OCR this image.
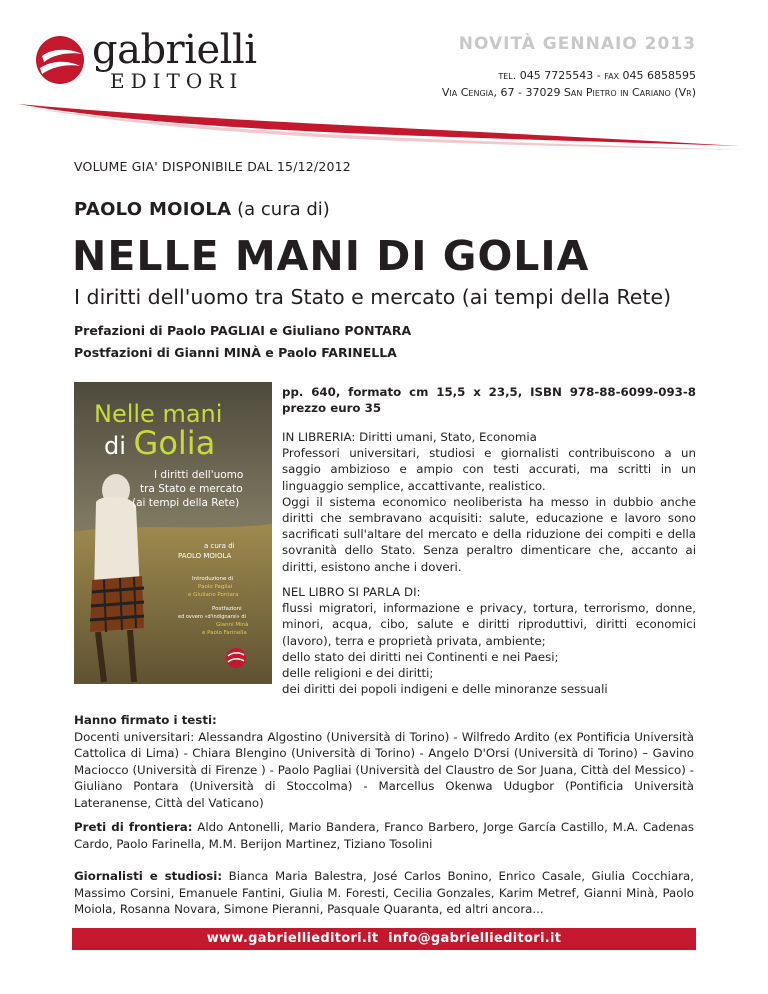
gabrielli
EDITORI
NOVITÀ GENNAIO 2013
tel. 045 7725543 - fax 045 6858595
Via Cengia, 67 - 37029 San Pietro in Cariano (Vr)
VOLUME GIA' DISPONIBILE DAL 15/12/2012
PAOLO MOIOLA (a cura di)
NELLE MANI DI GOLIA
I diritti dell'uomo tra Stato e mercato (ai tempi della Rete)
Prefazioni di Paolo PAGLIAI e Giuliano PONTARA
Postfazioni di Gianni MINÀ e Paolo FARINELLA
Nelle mani
di Golia
I diritti dell'uomo
tra Stato e mercato
(ai tempi della Rete)
a cura di
PAOLO MOIOLA
Introduzione di
Paolo Pagliai
e Giuliano Pontara
Postfazioni
ed ovvero «d'indignarsi» di
Gianni Minà
e Paolo Farinella
pp. 640, formato cm 15,5 x 23,5, ISBN 978-88-6099-093-8 prezzo euro 35
IN LIBRERIA: Diritti umani, Stato, Economia
Professori universitari, studiosi e giornalisti contribuiscono a un saggio ambizioso e ampio con testi accurati, ma scritti in un linguaggio semplice, accattivante, realistico.
Oggi il sistema economico neoliberista ha messo in dubbio anche diritti che sembravano acquisiti: salute, educazione e lavoro sono sacrificati sull'altare del mercato e della riduzione dei compiti e della sovranità dello Stato. Senza peraltro dimenticare che, accanto ai diritti, esistono anche i doveri.
NEL LIBRO SI PARLA DI:
flussi migratori, informazione e privacy, tortura, terrorismo, donne, minori, acqua, cibo, salute e diritti riproduttivi, diritti economici (lavoro), terra e proprietà privata, ambiente;
dello stato dei diritti nei Continenti e nei Paesi;
delle religioni e dei diritti;
dei diritti dei popoli indigeni e delle minoranze sessuali
Hanno firmato i testi:
Docenti universitari: Alessandra Algostino (Università di Torino) - Wilfredo Ardito (ex Pontificia Università Cattolica di Lima) - Chiara Blengino (Università di Torino) - Angelo D'Orsi (Università di Torino) – Gavino Maciocco (Università di Firenze ) - Paolo Pagliai (Università del Claustro de Sor Juana, Città del Messico) - Giuliano Pontara (Università di Stoccolma) - Marcellus Okenwa Udugbor (Pontificia Università Lateranense, Città del Vaticano)
Preti di frontiera: Aldo Antonelli, Mario Bandera, Franco Barbero, Jorge García Castillo, M.A. Cadenas Cardo, Paolo Farinella, M.M. Berijon Martinez, Tiziano Tosolini
Giornalisti e studiosi: Bianca Maria Balestra, José Carlos Bonino, Enrico Casale, Giulia Cocchiara, Massimo Corsini, Emanuele Fantini, Giulia M. Foresti, Cecilia Gonzales, Karim Metref, Gianni Minà, Paolo Moiola, Rosanna Novara, Simone Pieranni, Pasquale Quaranta, ed altri ancora...
www.gabriellieditori.it info@gabriellieditori.it
